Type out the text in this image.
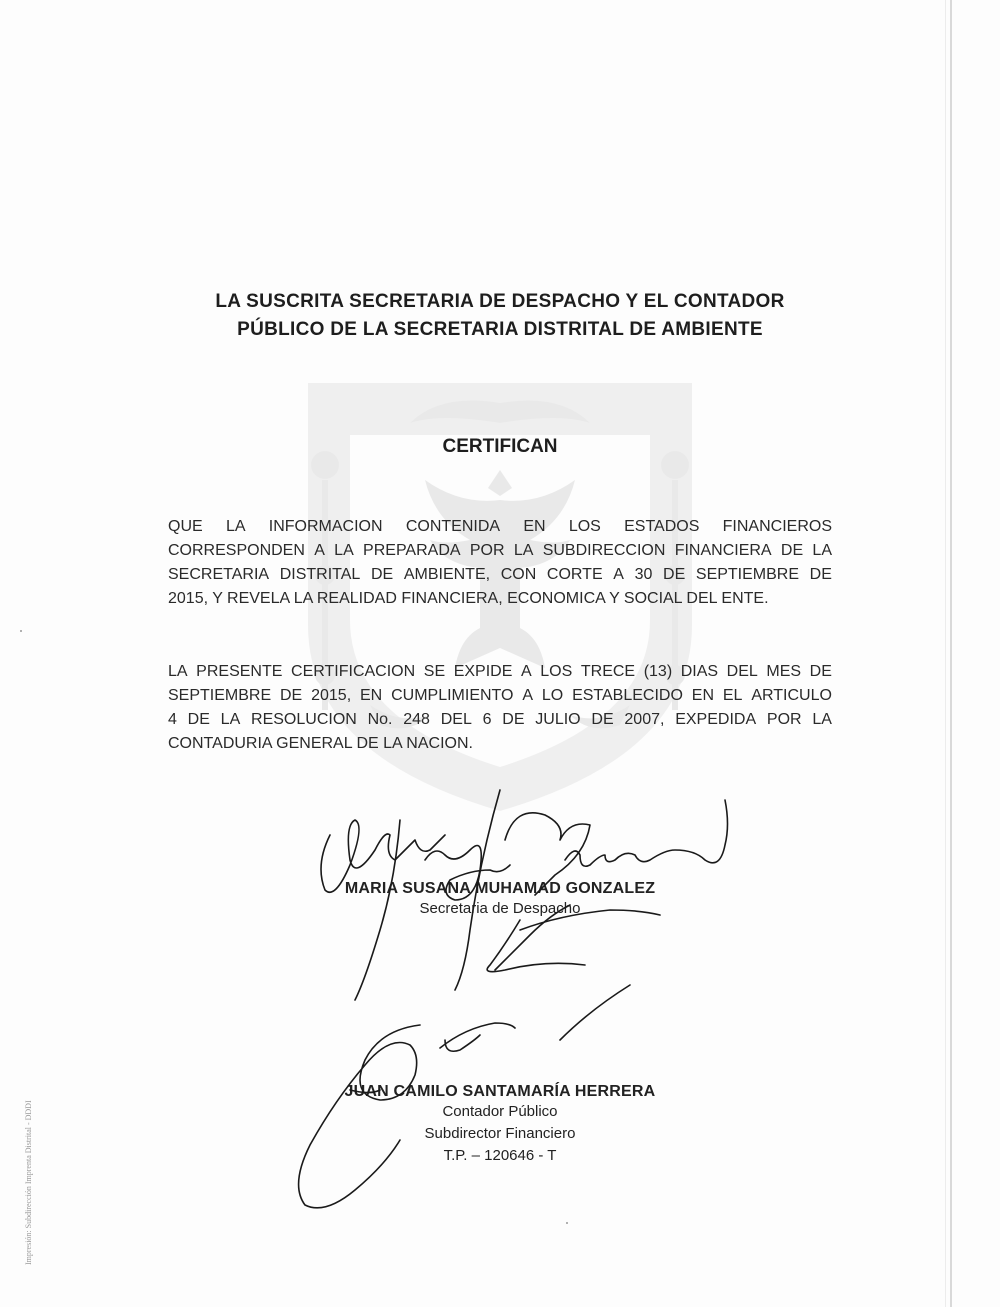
LA SUSCRITA SECRETARIA DE DESPACHO Y EL CONTADOR
PÚBLICO DE LA SECRETARIA DISTRITAL DE AMBIENTE
CERTIFICAN
QUE LA INFORMACION CONTENIDA EN LOS ESTADOS FINANCIEROS
CORRESPONDEN A LA PREPARADA POR LA SUBDIRECCION FINANCIERA DE LA
SECRETARIA DISTRITAL DE AMBIENTE, CON CORTE A 30 DE SEPTIEMBRE DE
2015, Y REVELA LA REALIDAD FINANCIERA, ECONOMICA Y SOCIAL DEL ENTE.
LA PRESENTE CERTIFICACION SE EXPIDE A LOS TRECE (13) DIAS DEL MES DE
SEPTIEMBRE DE 2015, EN CUMPLIMIENTO A LO ESTABLECIDO EN EL ARTICULO
4 DE LA RESOLUCION No. 248 DEL 6 DE JULIO DE 2007, EXPEDIDA POR LA
CONTADURIA GENERAL DE LA NACION.
MARIA SUSANA MUHAMAD GONZALEZ
Secretaria de Despacho
JUAN CAMILO SANTAMARÍA HERRERA
Contador Público
Subdirector Financiero
T.P. – 120646 - T
Impresión: Subdirección Imprenta Distrital - DDDI
